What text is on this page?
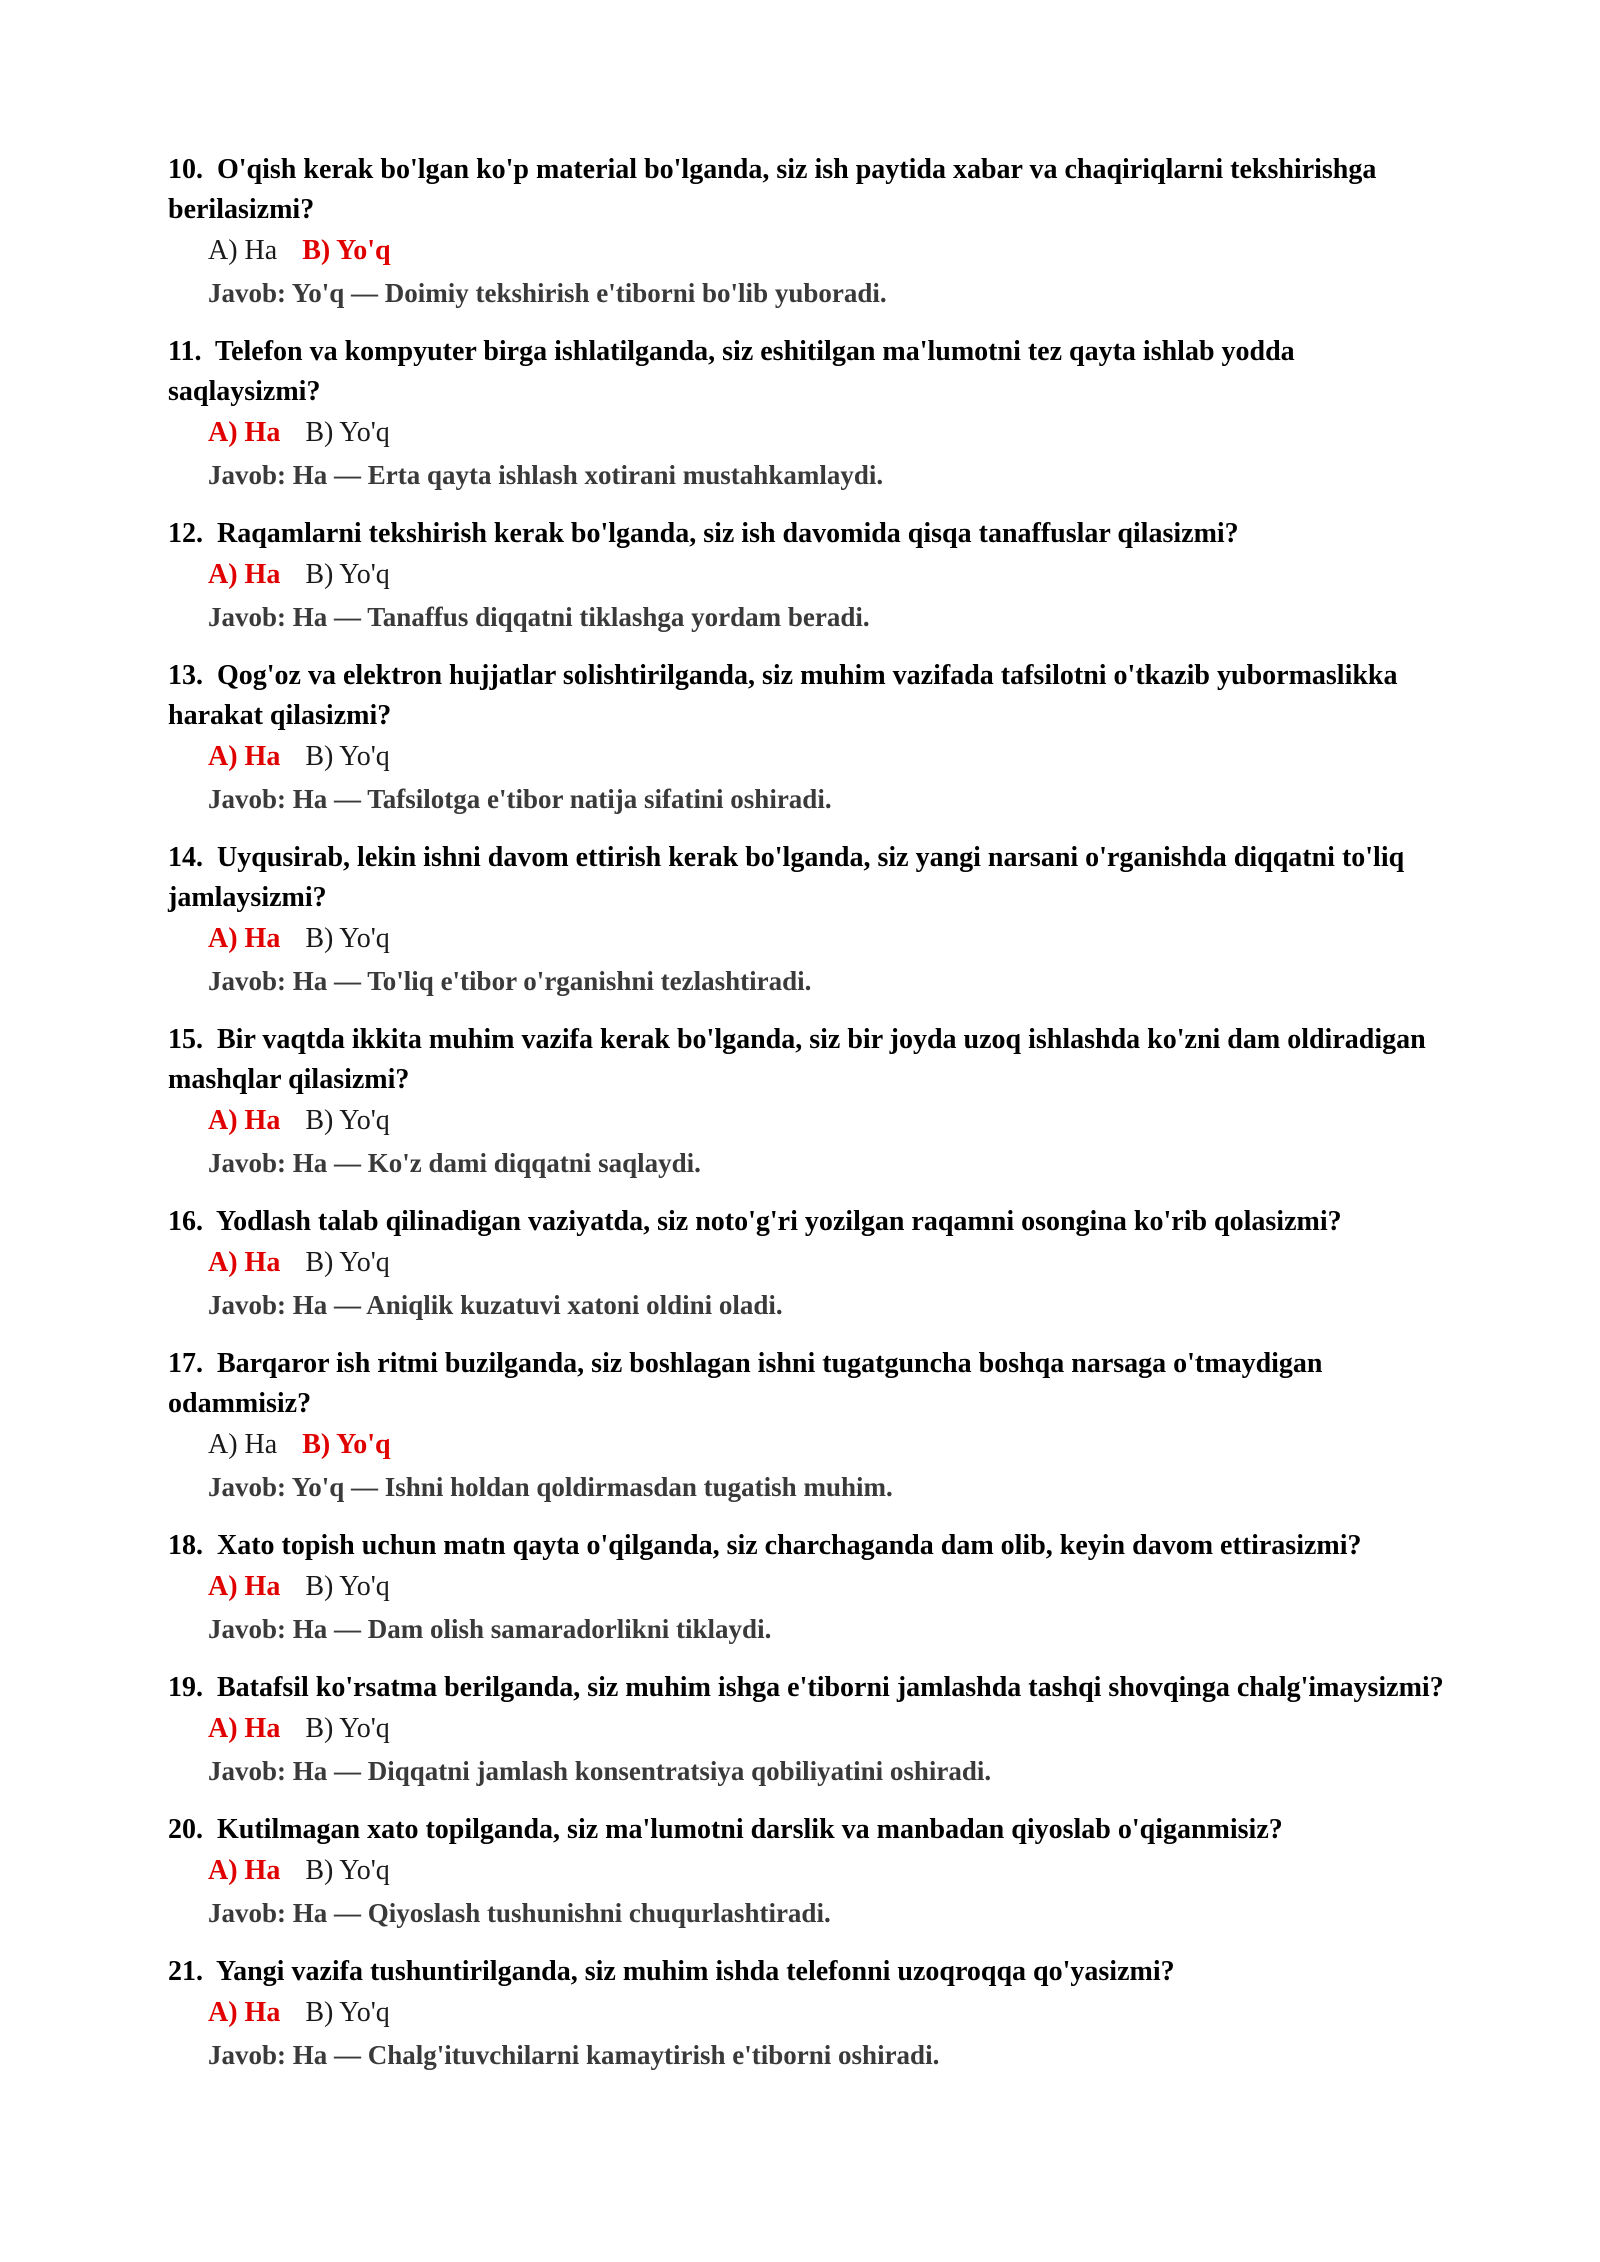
10. O'qish kerak bo'lgan ko'p material bo'lganda, siz ish paytida xabar va chaqiriqlarni tekshirishga berilasizmi?

A) Ha B) Yo'q
Javob: Yo'q — Doimiy tekshirish e'tiborni bo'lib yuboradi.

11. Telefon va kompyuter birga ishlatilganda, siz eshitilgan ma'lumotni tez qayta ishlab yodda saqlaysizmi?

A) Ha B) Yo'q
Javob: Ha — Erta qayta ishlash xotirani mustahkamlaydi.

12. Raqamlarni tekshirish kerak bo'lganda, siz ish davomida qisqa tanaffuslar qilasizmi?

A) Ha B) Yo'q
Javob: Ha — Tanaffus diqqatni tiklashga yordam beradi.

13. Qog'oz va elektron hujjatlar solishtirilganda, siz muhim vazifada tafsilotni o'tkazib yubormaslikka harakat qilasizmi?

A) Ha B) Yo'q
Javob: Ha — Tafsilotga e'tibor natija sifatini oshiradi.

14. Uyqusirab, lekin ishni davom ettirish kerak bo'lganda, siz yangi narsani o'rganishda diqqatni to'liq jamlaysizmi?

A) Ha B) Yo'q
Javob: Ha — To'liq e'tibor o'rganishni tezlashtiradi.

15. Bir vaqtda ikkita muhim vazifa kerak bo'lganda, siz bir joyda uzoq ishlashda ko'zni dam oldiradigan mashqlar qilasizmi?

A) Ha B) Yo'q
Javob: Ha — Ko'z dami diqqatni saqlaydi.

16. Yodlash talab qilinadigan vaziyatda, siz noto'g'ri yozilgan raqamni osongina ko'rib qolasizmi?

A) Ha B) Yo'q
Javob: Ha — Aniqlik kuzatuvi xatoni oldini oladi.

17. Barqaror ish ritmi buzilganda, siz boshlagan ishni tugatguncha boshqa narsaga o'tmaydigan odammisiz?

A) Ha B) Yo'q
Javob: Yo'q — Ishni holdan qoldirmasdan tugatish muhim.

18. Xato topish uchun matn qayta o'qilganda, siz charchaganda dam olib, keyin davom ettirasizmi?

A) Ha B) Yo'q
Javob: Ha — Dam olish samaradorlikni tiklaydi.

19. Batafsil ko'rsatma berilganda, siz muhim ishga e'tiborni jamlashda tashqi shovqinga chalg'imaysizmi?

A) Ha B) Yo'q
Javob: Ha — Diqqatni jamlash konsentratsiya qobiliyatini oshiradi.

20. Kutilmagan xato topilganda, siz ma'lumotni darslik va manbadan qiyoslab o'qiganmisiz?

A) Ha B) Yo'q
Javob: Ha — Qiyoslash tushunishni chuqurlashtiradi.

21. Yangi vazifa tushuntirilganda, siz muhim ishda telefonni uzoqroqqa qo'yasizmi?

A) Ha B) Yo'q
Javob: Ha — Chalg'ituvchilarni kamaytirish e'tiborni oshiradi.
